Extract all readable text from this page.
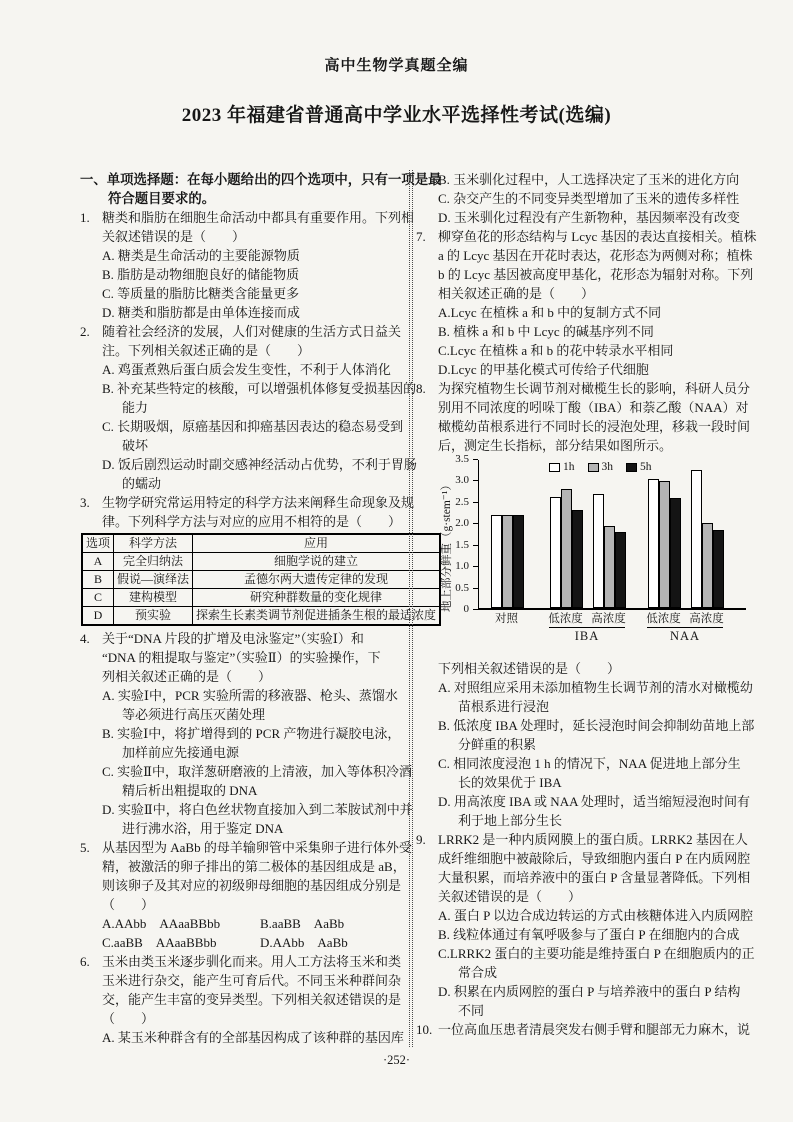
高中生物学真题全编
2023 年福建省普通高中学业水平选择性考试(选编)
一、单项选择题：在每小题给出的四个选项中，只有一项是最
符合题目要求的。
1. 糖类和脂肪在细胞生命活动中都具有重要作用。下列相
关叙述错误的是（　　）
A. 糖类是生命活动的主要能源物质
B. 脂肪是动物细胞良好的储能物质
C. 等质量的脂肪比糖类含能量更多
D. 糖类和脂肪都是由单体连接而成
2. 随着社会经济的发展，人们对健康的生活方式日益关
注。下列相关叙述正确的是（　　）
A. 鸡蛋煮熟后蛋白质会发生变性，不利于人体消化
B. 补充某些特定的核酸，可以增强机体修复受损基因的
能力
C. 长期吸烟，原癌基因和抑癌基因表达的稳态易受到
破坏
D. 饭后剧烈运动时副交感神经活动占优势，不利于胃肠
的蠕动
3. 生物学研究常运用特定的科学方法来阐释生命现象及规
律。下列科学方法与对应的应用不相符的是（　　）
选项	科学方法	应用
A	完全归纳法	细胞学说的建立
B	假说—演绎法	孟德尔两大遗传定律的发现
C	建构模型	研究种群数量的变化规律
D	预实验	探索生长素类调节剂促进插条生根的最适浓度
4. 关于“DNA 片段的扩增及电泳鉴定”（实验Ⅰ）和
“DNA 的粗提取与鉴定”（实验Ⅱ）的实验操作，下
列相关叙述正确的是（　　）
A. 实验Ⅰ中，PCR 实验所需的移液器、枪头、蒸馏水
等必须进行高压灭菌处理
B. 实验Ⅰ中，将扩增得到的 PCR 产物进行凝胶电泳，
加样前应先接通电源
C. 实验Ⅱ中，取洋葱研磨液的上清液，加入等体积冷酒
精后析出粗提取的 DNA
D. 实验Ⅱ中，将白色丝状物直接加入到二苯胺试剂中并
进行沸水浴，用于鉴定 DNA
5. 从基因型为 AaBb 的母羊输卵管中采集卵子进行体外受
精，被激活的卵子排出的第二极体的基因组成是 aB，
则该卵子及其对应的初级卵母细胞的基因组成分别是
（　　）
A.AAbb　AAaaBBbb	B.aaBB　AaBb
C.aaBB　AAaaBBbb	D.AAbb　AaBb
6. 玉米由类玉米逐步驯化而来。用人工方法将玉米和类
玉米进行杂交，能产生可育后代。不同玉米种群间杂
交，能产生丰富的变异类型。下列相关叙述错误的是
（　　）
A. 某玉米种群含有的全部基因构成了该种群的基因库
B. 玉米驯化过程中，人工选择决定了玉米的进化方向
C. 杂交产生的不同变异类型增加了玉米的遗传多样性
D. 玉米驯化过程没有产生新物种，基因频率没有改变
7. 柳穿鱼花的形态结构与 Lcyc 基因的表达直接相关。植株
a 的 Lcyc 基因在开花时表达，花形态为两侧对称；植株
b 的 Lcyc 基因被高度甲基化，花形态为辐射对称。下列
相关叙述正确的是（　　）
A.Lcyc 在植株 a 和 b 中的复制方式不同
B. 植株 a 和 b 中 Lcyc 的碱基序列不同
C.Lcyc 在植株 a 和 b 的花中转录水平相同
D.Lcyc 的甲基化模式可传给子代细胞
8. 为探究植物生长调节剂对橄榄生长的影响，科研人员分
别用不同浓度的吲哚丁酸（IBA）和萘乙酸（NAA）对
橄榄幼苗根系进行不同时长的浸泡处理，移栽一段时间
后，测定生长指标，部分结果如图所示。
地上部分鲜重（g·stem⁻¹）
3.5
3.0
2.5
2.0
1.5
1.0
0.5
0
1h 3h 5h
对照	低浓度 高浓度
IBA
低浓度 高浓度
NAA
下列相关叙述错误的是（　　）
A. 对照组应采用未添加植物生长调节剂的清水对橄榄幼
苗根系进行浸泡
B. 低浓度 IBA 处理时，延长浸泡时间会抑制幼苗地上部
分鲜重的积累
C. 相同浓度浸泡 1 h 的情况下，NAA 促进地上部分生
长的效果优于 IBA
D. 用高浓度 IBA 或 NAA 处理时，适当缩短浸泡时间有
利于地上部分生长
9. LRRK2 是一种内质网膜上的蛋白质。LRRK2 基因在人
成纤维细胞中被敲除后，导致细胞内蛋白 P 在内质网腔
大量积累，而培养液中的蛋白 P 含量显著降低。下列相
关叙述错误的是（　　）
A. 蛋白 P 以边合成边转运的方式由核糖体进入内质网腔
B. 线粒体通过有氧呼吸参与了蛋白 P 在细胞内的合成
C.LRRK2 蛋白的主要功能是维持蛋白 P 在细胞质内的正
常合成
D. 积累在内质网腔的蛋白 P 与培养液中的蛋白 P 结构
不同
10. 一位高血压患者清晨突发右侧手臂和腿部无力麻木，说
·252·
